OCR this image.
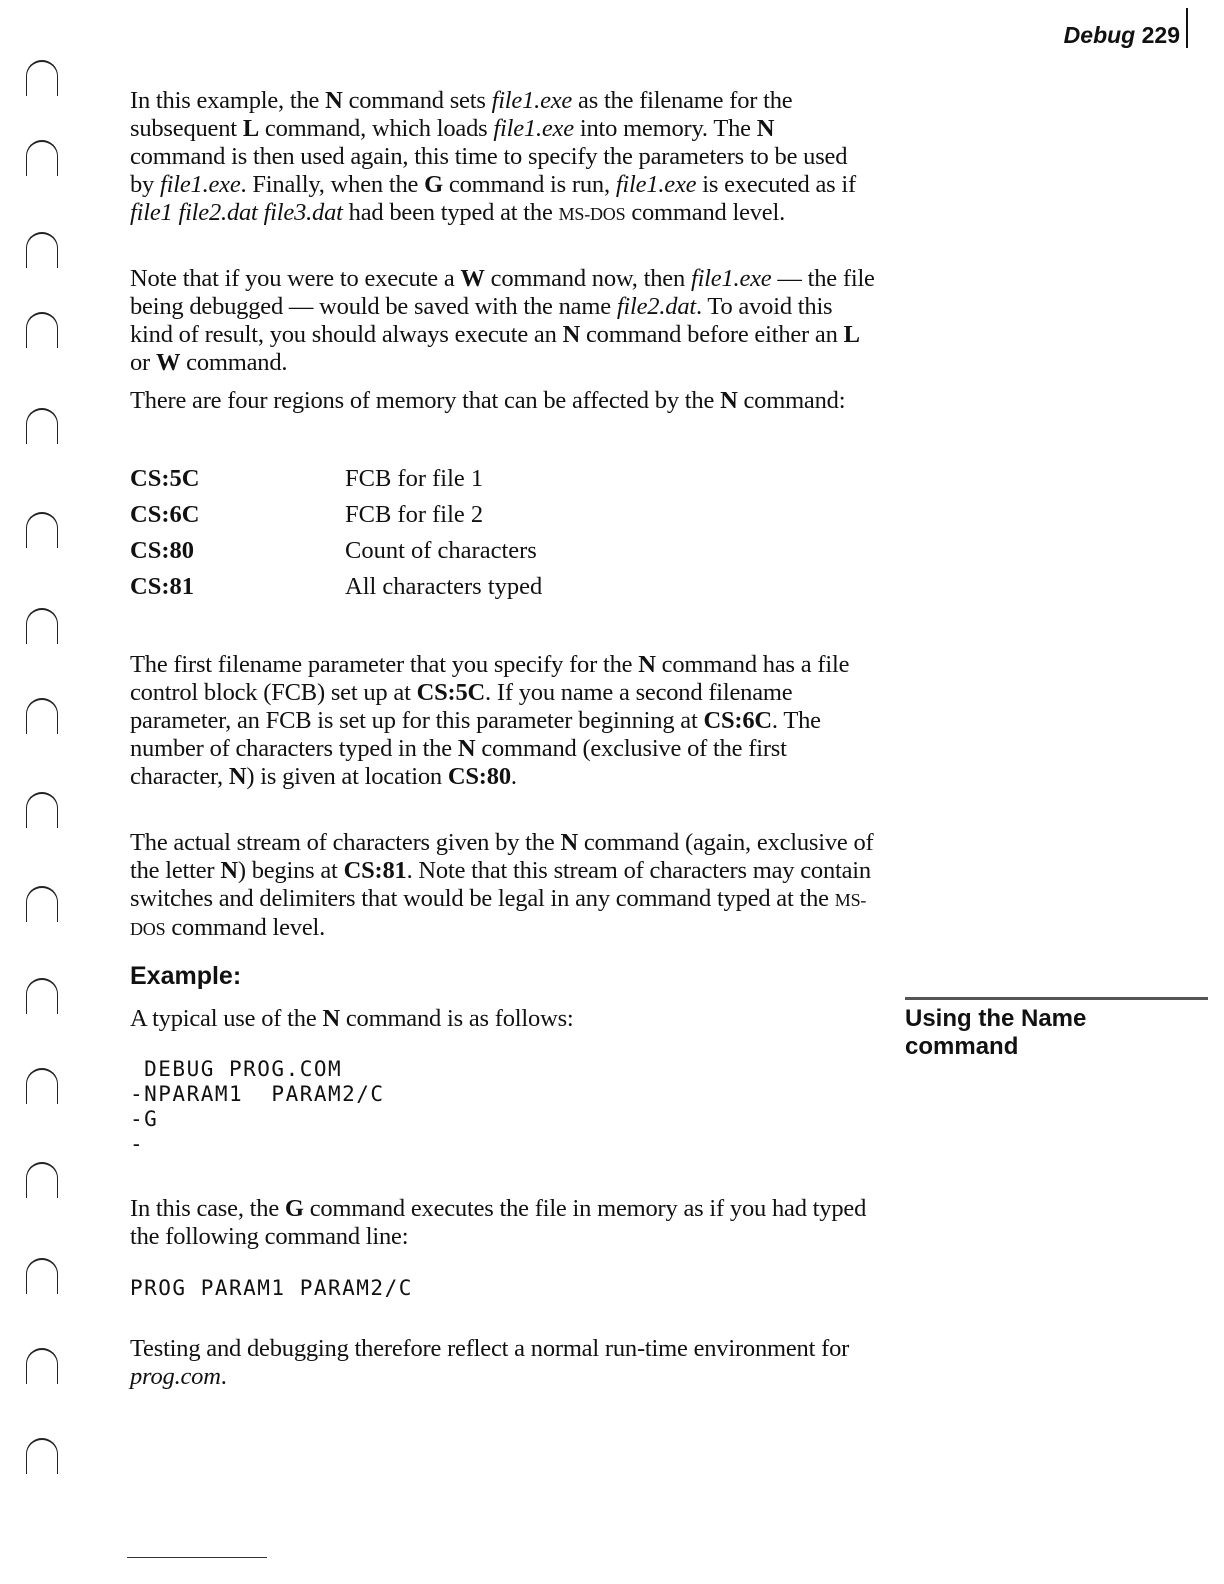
Debug 229
In this example, the N command sets file1.exe as the filename for the subsequent L command, which loads file1.exe into memory. The N command is then used again, this time to specify the parameters to be used by file1.exe. Finally, when the G command is run, file1.exe is executed as if file1 file2.dat file3.dat had been typed at the MS-DOS command level.
Note that if you were to execute a W command now, then file1.exe — the file being debugged — would be saved with the name file2.dat. To avoid this kind of result, you should always execute an N command before either an L or W command.
There are four regions of memory that can be affected by the N command:
CS:5C	FCB for file 1
CS:6C	FCB for file 2
CS:80	Count of characters
CS:81	All characters typed
The first filename parameter that you specify for the N command has a file control block (FCB) set up at CS:5C. If you name a second filename parameter, an FCB is set up for this parameter beginning at CS:6C. The number of characters typed in the N command (exclusive of the first character, N) is given at location CS:80.
The actual stream of characters given by the N command (again, exclusive of the letter N) begins at CS:81. Note that this stream of characters may contain switches and delimiters that would be legal in any command typed at the MS-DOS command level.
Example:
Using the Name command
A typical use of the N command is as follows:
DEBUG PROG.COM
-NPARAM1  PARAM2/C
-G
-
In this case, the G command executes the file in memory as if you had typed the following command line:
PROG PARAM1 PARAM2/C
Testing and debugging therefore reflect a normal run-time environment for prog.com.
